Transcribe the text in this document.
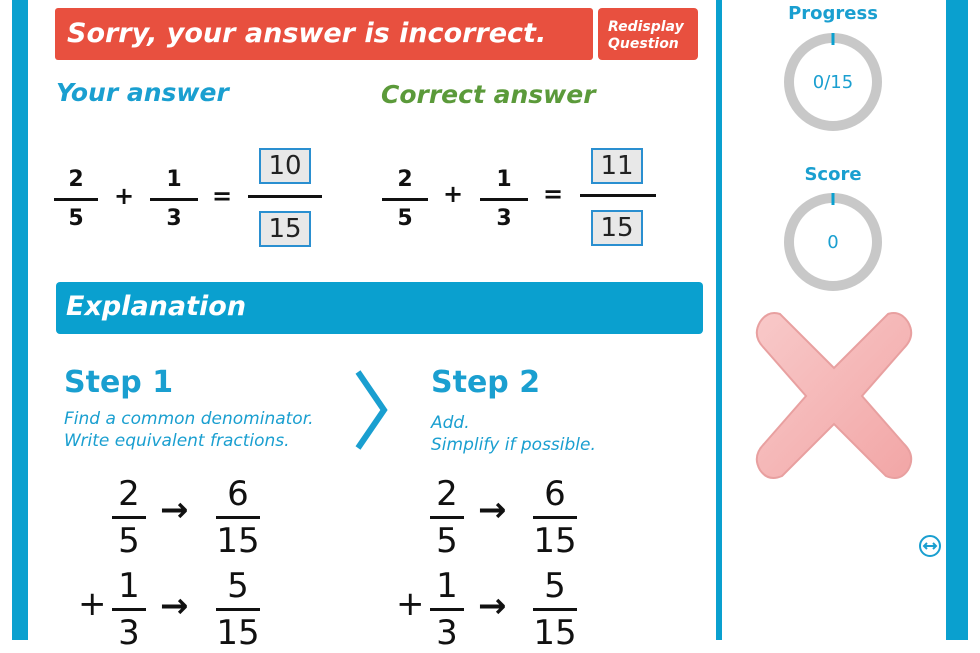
Sorry, your answer is incorrect.	Redisplay
Question
Your answer	Correct answer
2
5
+
1
3
=
10
15
2
5
+
1
3
=
11
15
Explanation
Step 1
Find a common denominator.
Write equivalent fractions.
Step 2
Add.
Simplify if possible.
2
5
→	6
15
+ 1
3
→	5
15
2
5
→	6
15
+ 1
3
→	5
15
Progress
0/15
Score
0
